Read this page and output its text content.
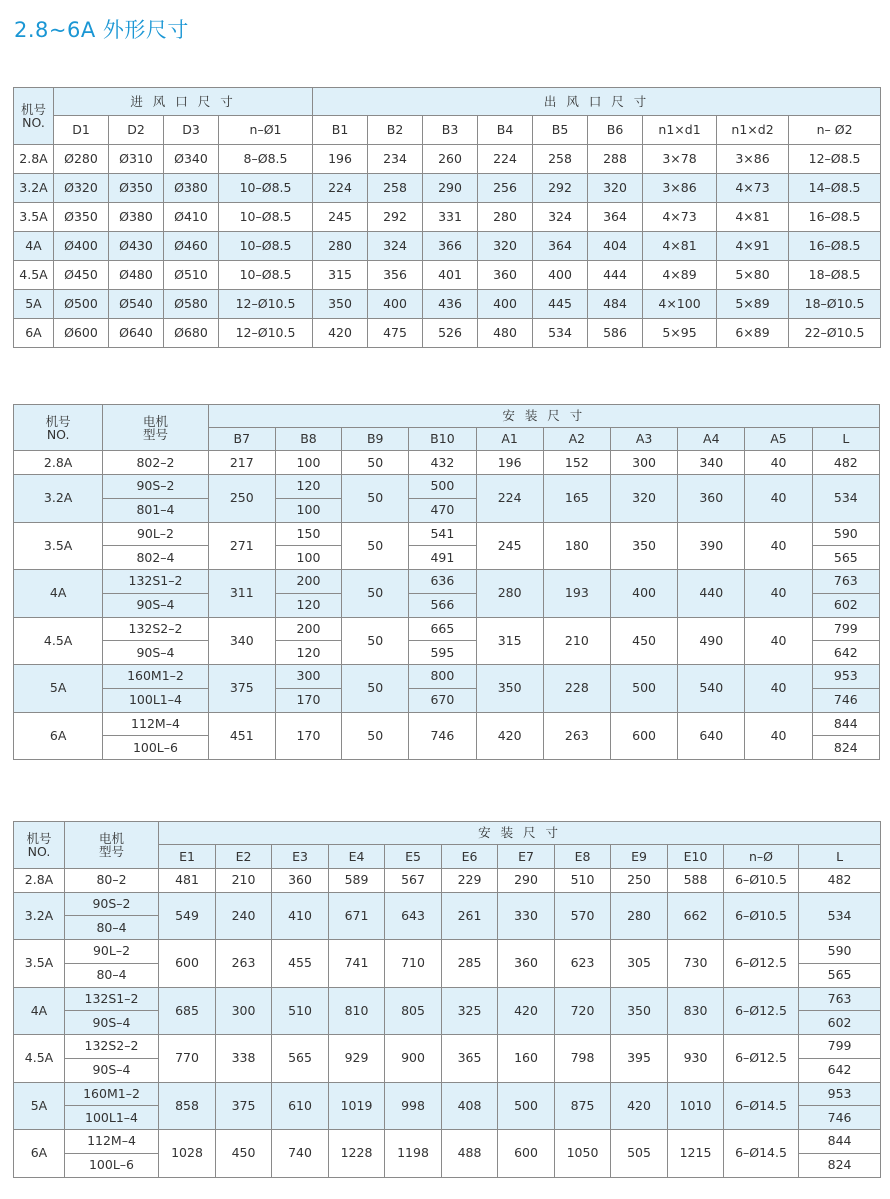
2.8~6A 外形尺寸
机号
NO.	进 风 口 尺 寸				出 风 口 尺 寸								
	D1	D2	D3	n–Ø1	B1	B2	B3	B4	B5	B6	n1×d1	n1×d2	n– Ø2
2.8A	Ø280	Ø310	Ø340	8–Ø8.5	196	234	260	224	258	288	3×78	3×86	12–Ø8.5
3.2A	Ø320	Ø350	Ø380	10–Ø8.5	224	258	290	256	292	320	3×86	4×73	14–Ø8.5
3.5A	Ø350	Ø380	Ø410	10–Ø8.5	245	292	331	280	324	364	4×73	4×81	16–Ø8.5
4A	Ø400	Ø430	Ø460	10–Ø8.5	280	324	366	320	364	404	4×81	4×91	16–Ø8.5
4.5A	Ø450	Ø480	Ø510	10–Ø8.5	315	356	401	360	400	444	4×89	5×80	18–Ø8.5
5A	Ø500	Ø540	Ø580	12–Ø10.5	350	400	436	400	445	484	4×100	5×89	18–Ø10.5
6A	Ø600	Ø640	Ø680	12–Ø10.5	420	475	526	480	534	586	5×95	6×89	22–Ø10.5
机号
NO.	电机
型号	安 装 尺 寸									
		B7	B8	B9	B10	A1	A2	A3	A4	A5	L
2.8A	802–2	217	100	50	432	196	152	300	340	40	482
3.2A	90S–2	250	120	50	500	224	165	320	360	40	534
	801–4		100		470						
3.5A	90L–2	271	150	50	541	245	180	350	390	40	590
	802–4		100		491						565
4A	132S1–2	311	200	50	636	280	193	400	440	40	763
	90S–4		120		566						602
4.5A	132S2–2	340	200	50	665	315	210	450	490	40	799
	90S–4		120		595						642
5A	160M1–2	375	300	50	800	350	228	500	540	40	953
	100L1–4		170		670						746
6A	112M–4	451	170	50	746	420	263	600	640	40	844
	100L–6										824
机号
NO.	电机
型号	安 装 尺 寸											
		E1	E2	E3	E4	E5	E6	E7	E8	E9	E10	n–Ø	L
2.8A	80–2	481	210	360	589	567	229	290	510	250	588	6–Ø10.5	482
3.2A	90S–2	549	240	410	671	643	261	330	570	280	662	6–Ø10.5	534
	80–4												
3.5A	90L–2	600	263	455	741	710	285	360	623	305	730	6–Ø12.5	590
	80–4												565
4A	132S1–2	685	300	510	810	805	325	420	720	350	830	6–Ø12.5	763
	90S–4												602
4.5A	132S2–2	770	338	565	929	900	365	160	798	395	930	6–Ø12.5	799
	90S–4												642
5A	160M1–2	858	375	610	1019	998	408	500	875	420	1010	6–Ø14.5	953
	100L1–4												746
6A	112M–4	1028	450	740	1228	1198	488	600	1050	505	1215	6–Ø14.5	844
	100L–6												824
